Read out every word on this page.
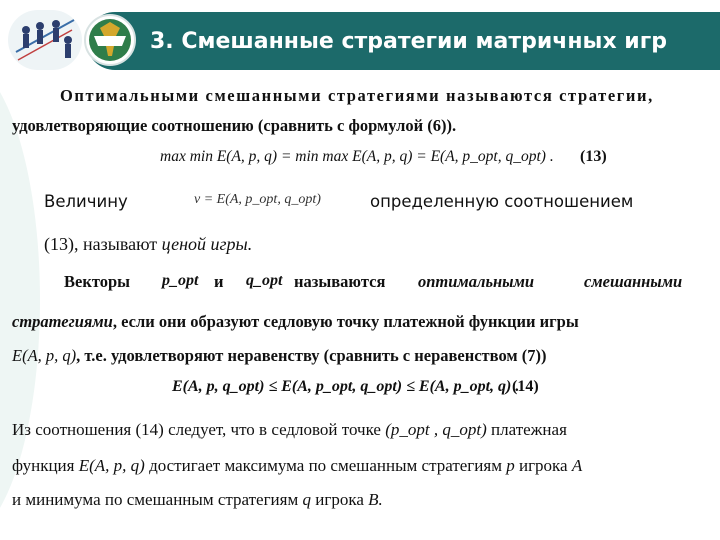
3. Смешанные стратегии матричных игр
Оптимальными смешанными стратегиями называются стратегии,
удовлетворяющие соотношению (сравнить с формулой (6)).
max min E(A, p, q) = min max E(A, p, q) = E(A, p_opt, q_opt) . (13)
Величину	v = E(A, p_opt, q_opt)	определенную соотношением
(13), называют ценой игры.
Векторы p_opt и q_opt называются оптимальными	смешанными
стратегиями, если они образуют седловую точку платежной функции игры
E(A, p, q), т.е. удовлетворяют неравенству (сравнить с неравенством (7))
E(A, p, q_opt) ≤ E(A, p_opt, q_opt) ≤ E(A, p_opt, q) .
(14)
Из соотношения (14) следует, что в седловой точке (p_opt , q_opt) платежная
функция E(A, p, q) достигает максимума по смешанным стратегиям p игрока A
и минимума по смешанным стратегиям q игрока B.
